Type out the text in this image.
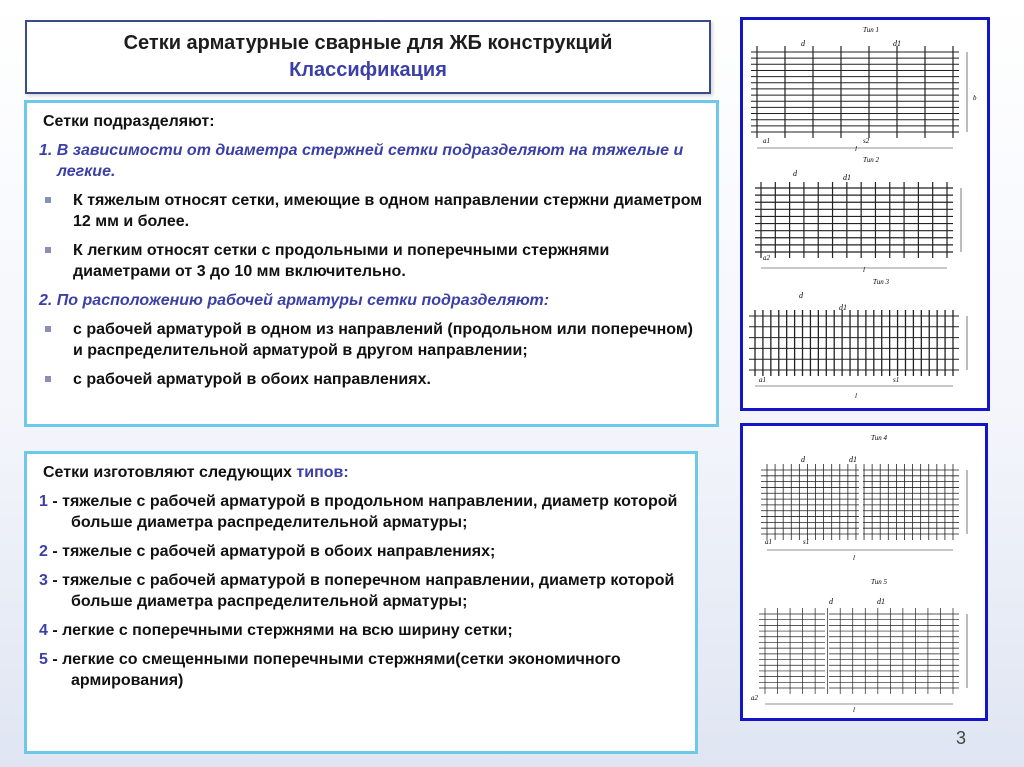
Сетки арматурные сварные для ЖБ конструкций
Классификация
Сетки подразделяют:
1. В зависимости от диаметра стержней сетки подразделяют на тяжелые и легкие.
К тяжелым относят сетки, имеющие в одном направлении стержни диаметром 12 мм и более.
К легким относят сетки с продольными и поперечными стержнями диаметрами от 3 до 10 мм включительно.
2. По расположению рабочей арматуры сетки подразделяют:
с рабочей арматурой в одном из направлений (продольном или поперечном) и распределительной арматурой в другом направлении;
с рабочей арматурой в обоих направлениях.
Сетки изготовляют следующих типов:
1 - тяжелые с рабочей арматурой в продольном направлении, диаметр которой больше диаметра распределительной арматуры;
2 - тяжелые с рабочей арматурой в обоих направлениях;
3 - тяжелые с рабочей арматурой в поперечном направлении, диаметр которой больше диаметра распределительной арматуры;
4 - легкие с поперечными стержнями на всю ширину сетки;
5 - легкие со смещенными поперечными стержнями(сетки экономичного армирования)
Тип 1
d	d1
a1	s2
b
l
Тип 2
d	d1
a2
l
Тип 3
d
d1
a1	s1
l
Тип 4
d	d1
a1	s1
l
Тип 5
d	d1
a2
l
3
